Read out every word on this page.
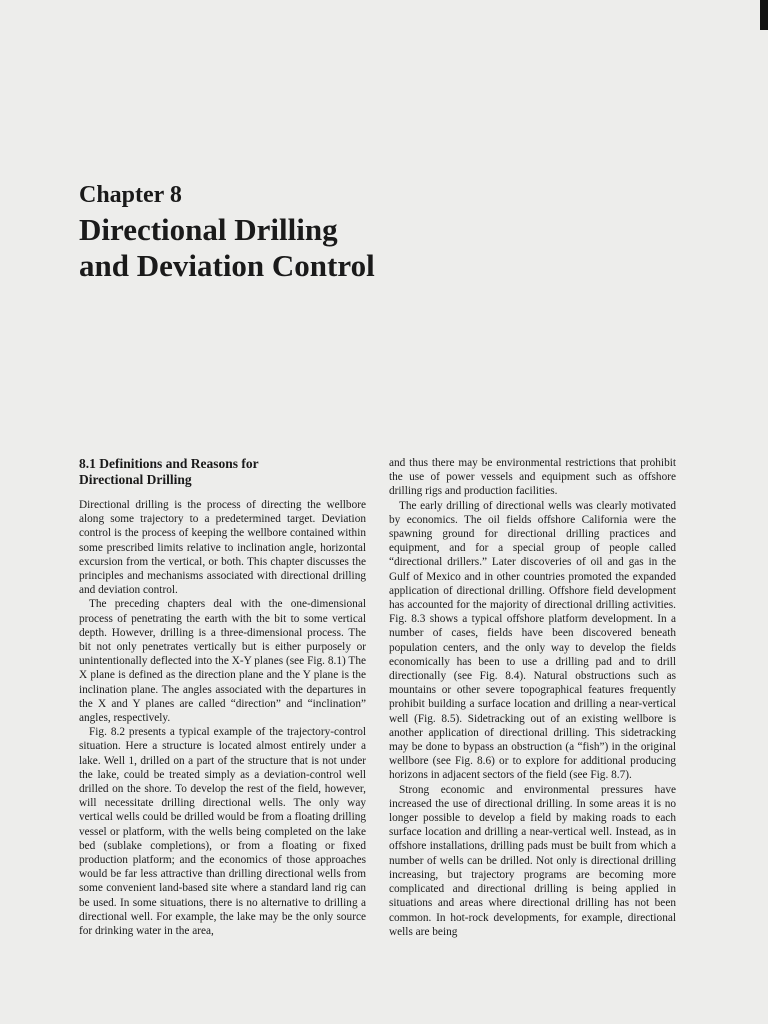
Chapter 8
Directional Drilling
and Deviation Control
8.1 Definitions and Reasons for
Directional Drilling

Directional drilling is the process of directing the wellbore along some trajectory to a predetermined target. Deviation control is the process of keeping the wellbore contained within some prescribed limits relative to inclination angle, horizontal excursion from the vertical, or both. This chapter discusses the principles and mechanisms associated with directional drilling and deviation control.

The preceding chapters deal with the one-dimensional process of penetrating the earth with the bit to some vertical depth. However, drilling is a three-dimensional process. The bit not only penetrates vertically but is either purposely or unintentionally deflected into the X-Y planes (see Fig. 8.1) The X plane is defined as the direction plane and the Y plane is the inclination plane. The angles associated with the departures in the X and Y planes are called “direction” and “inclination” angles, respectively.

Fig. 8.2 presents a typical example of the trajectory-control situation. Here a structure is located almost entirely under a lake. Well 1, drilled on a part of the structure that is not under the lake, could be treated simply as a deviation-control well drilled on the shore. To develop the rest of the field, however, will necessitate drilling directional wells. The only way vertical wells could be drilled would be from a floating drilling vessel or platform, with the wells being completed on the lake bed (sublake completions), or from a floating or fixed production platform; and the economics of those approaches would be far less attractive than drilling directional wells from some convenient land-based site where a standard land rig can be used. In some situations, there is no alternative to drilling a directional well. For example, the lake may be the only source for drinking water in the area,

and thus there may be environmental restrictions that prohibit the use of power vessels and equipment such as offshore drilling rigs and production facilities.

The early drilling of directional wells was clearly motivated by economics. The oil fields offshore California were the spawning ground for directional drilling practices and equipment, and for a special group of people called “directional drillers.” Later discoveries of oil and gas in the Gulf of Mexico and in other countries promoted the expanded application of directional drilling. Offshore field development has accounted for the majority of directional drilling activities. Fig. 8.3 shows a typical offshore platform development. In a number of cases, fields have been discovered beneath population centers, and the only way to develop the fields economically has been to use a drilling pad and to drill directionally (see Fig. 8.4). Natural obstructions such as mountains or other severe topographical features frequently prohibit building a surface location and drilling a near-vertical well (Fig. 8.5). Sidetracking out of an existing wellbore is another application of directional drilling. This sidetracking may be done to bypass an obstruction (a “fish”) in the original wellbore (see Fig. 8.6) or to explore for additional producing horizons in adjacent sectors of the field (see Fig. 8.7).

Strong economic and environmental pressures have increased the use of directional drilling. In some areas it is no longer possible to develop a field by making roads to each surface location and drilling a near-vertical well. Instead, as in offshore installations, drilling pads must be built from which a number of wells can be drilled. Not only is directional drilling increasing, but trajectory programs are becoming more complicated and directional drilling is being applied in situations and areas where directional drilling has not been common. In hot-rock developments, for example, directional wells are being
